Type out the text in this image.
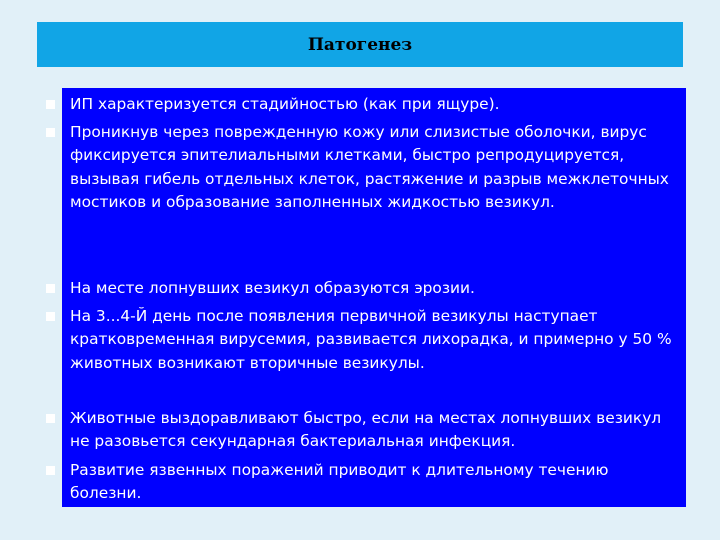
Патогенез
ИП характеризуется стадийностью (как при ящуре).
Проникнув через поврежденную кожу или слизистые оболочки, вирус фиксируется эпителиальными клетками, быстро репродуцируется, вызывая гибель отдельных клеток, растяжение и разрыв межклеточных мостиков и образование заполненных жидкостью везикул.
На месте лопнувших везикул образуются эрозии.
На 3...4-Й день после появления первичной везикулы наступает кратковременная вирусемия, развивается лихорадка, и примерно у 50 % животных возникают вторичные везикулы.
Животные выздоравливают быстро, если на местах лопнувших везикул не разовьется секундарная бактериальная инфекция.
Развитие язвенных поражений приводит к длительному течению болезни.
